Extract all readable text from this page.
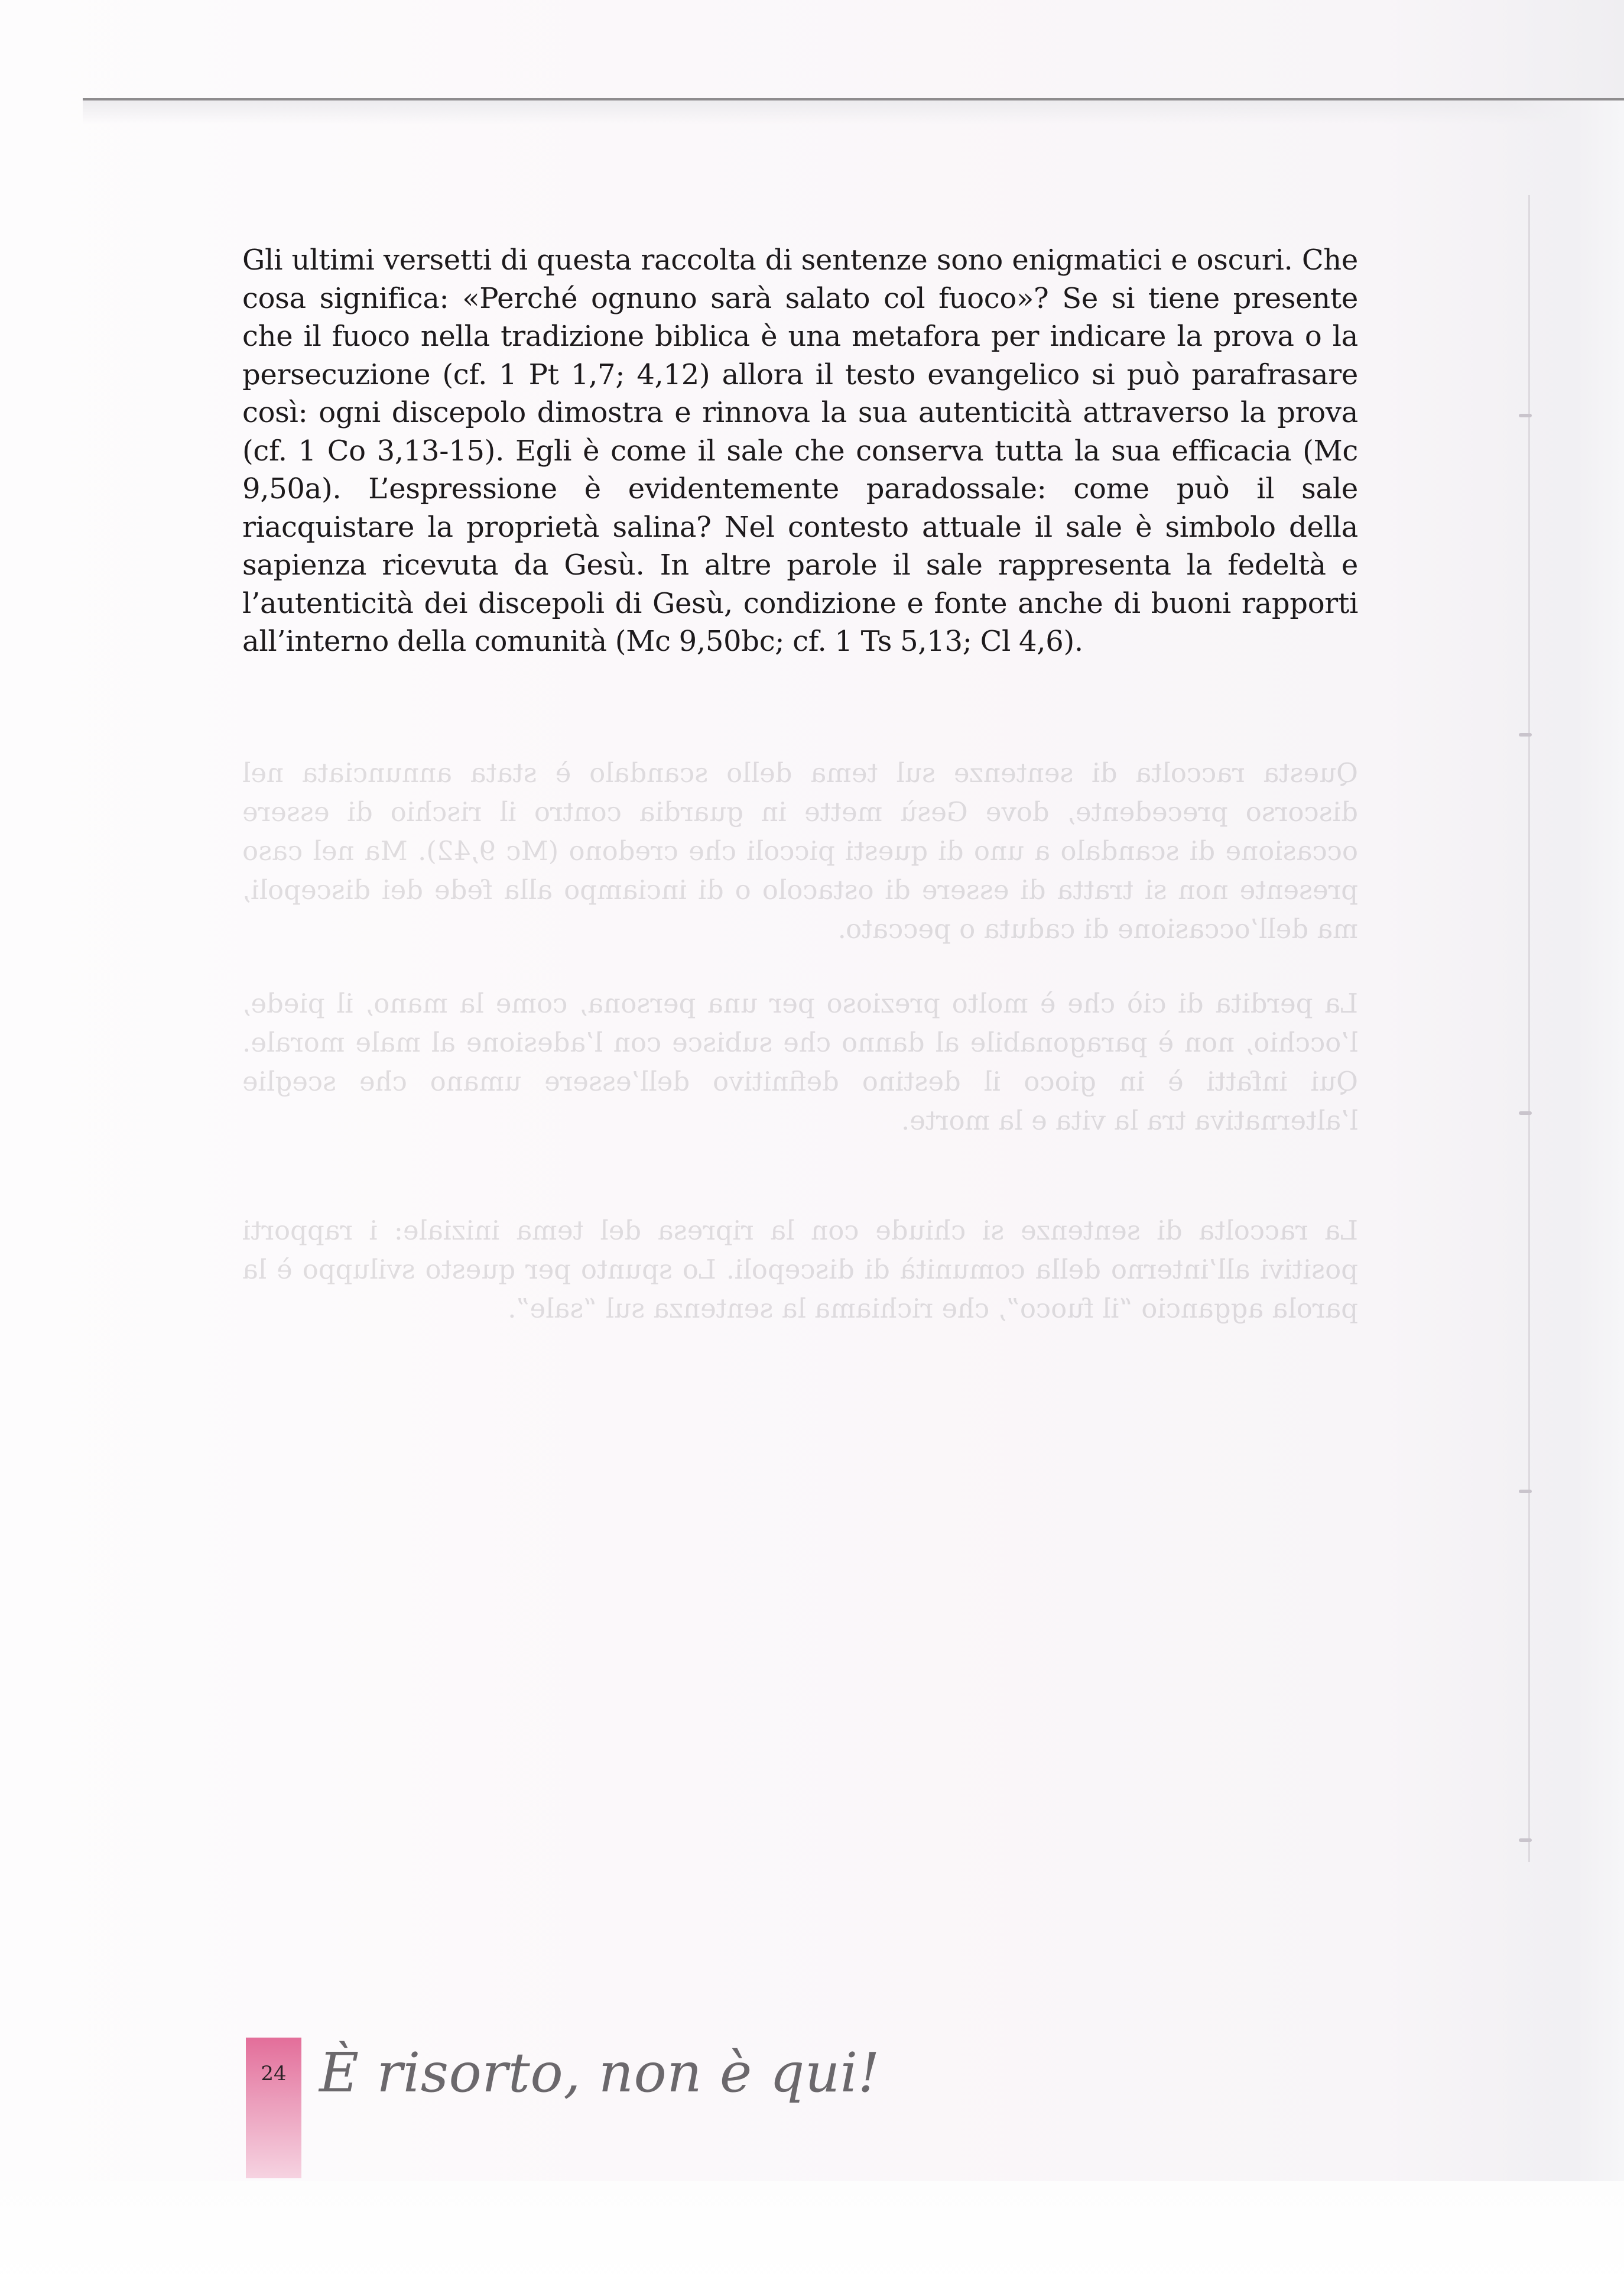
Questa raccolta di sentenze sul tema dello scandalo è stata annunciata nel discorso precedente, dove Gesù mette in guardia contro il rischio di essere occasione di scandalo a uno di questi piccoli che credono (Mc 9,42). Ma nel caso presente non si tratta di essere di ostacolo o di inciampo alla fede dei discepoli, ma dell’occasione di caduta o peccato.

La perdita di ciò che è molto prezioso per una persona, come la mano, il piede, l’occhio, non è paragonabile al danno che subisce con l’adesione al male morale. Qui infatti è in gioco il destino definitivo dell’essere umano che sceglie l’alternativa tra la vita e la morte.

La raccolta di sentenze si chiude con la ripresa del tema iniziale: i rapporti positivi all’interno della comunità di discepoli. Lo spunto per questo sviluppo è la parola aggancio “il fuoco”, che richiama la sentenza sul “sale”.

Gli ultimi versetti di questa raccolta di sentenze sono enigmatici e oscuri. Che cosa significa: «Perché ognuno sarà salato col fuoco»? Se si tiene presente che il fuoco nella tradizione biblica è una metafora per indicare la prova o la persecuzione (cf. 1 Pt 1,7; 4,12) allora il testo evangelico si può parafrasare così: ogni discepolo dimostra e rinnova la sua autenticità attraverso la prova (cf. 1 Co 3,13-15). Egli è come il sale che conserva tutta la sua efficacia (Mc 9,50a). L’espressione è evidentemente paradossale: come può il sale riacquistare la proprietà salina? Nel contesto attuale il sale è simbolo della sapienza ricevuta da Gesù. In altre parole il sale rappresenta la fedeltà e l’autenticità dei discepoli di Gesù, condizione e fonte anche di buoni rapporti all’interno della comunità (Mc 9,50bc; cf. 1 Ts 5,13; Cl 4,6).

24 È risorto, non è qui!
